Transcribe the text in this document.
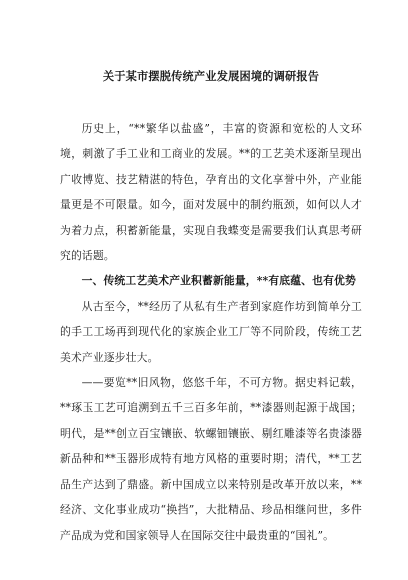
关于某市摆脱传统产业发展困境的调研报告

历史上，“**繁华以盐盛”，丰富的资源和宽松的人文环境，刺激了手工业和工商业的发展。**的工艺美术逐渐呈现出广收博览、技艺精湛的特色，孕育出的文化享誉中外，产业能量更是不可限量。如今，面对发展中的制约瓶颈，如何以人才为着力点，积蓄新能量，实现自我蝶变是需要我们认真思考研究的话题。

一、传统工艺美术产业积蓄新能量，**有底蕴、也有优势

从古至今，**经历了从私有生产者到家庭作坊到简单分工的手工工场再到现代化的家族企业工厂等不同阶段，传统工艺美术产业逐步壮大。

——要览**旧风物，悠悠千年，不可方物。据史料记载，**琢玉工艺可追溯到五千三百多年前，**漆器则起源于战国；明代，是**创立百宝镶嵌、软螺钿镶嵌、剔红雕漆等名贵漆器新品种和**玉器形成特有地方风格的重要时期；清代，**工艺品生产达到了鼎盛。新中国成立以来特别是改革开放以来，**经济、文化事业成功“换挡”，大批精品、珍品相继问世，多件产品成为党和国家领导人在国际交往中最贵重的“国礼”。
